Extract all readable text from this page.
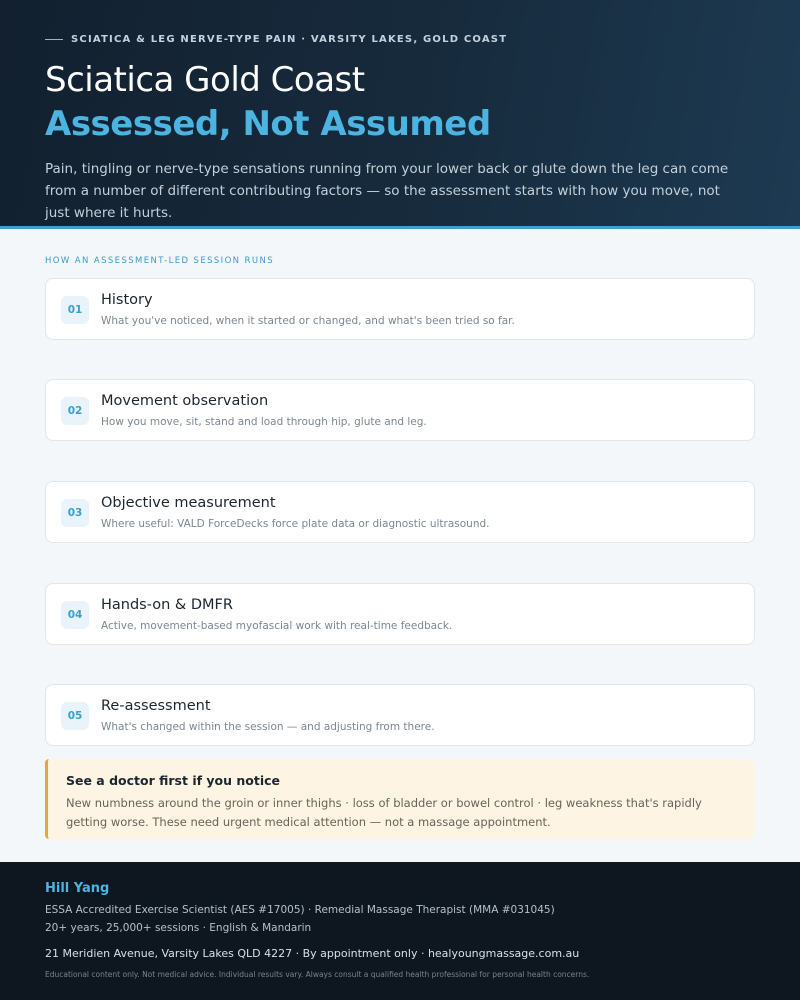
SCIATICA & LEG NERVE-TYPE PAIN · VARSITY LAKES, GOLD COAST
Sciatica Gold Coast
Assessed, Not Assumed
Pain, tingling or nerve-type sensations running from your lower back or glute down the leg can come from a number of different contributing factors — so the assessment starts with how you move, not just where it hurts.
HOW AN ASSESSMENT-LED SESSION RUNS
01
History
What you've noticed, when it started or changed, and what's been tried so far.
02
Movement observation
How you move, sit, stand and load through hip, glute and leg.
03
Objective measurement
Where useful: VALD ForceDecks force plate data or diagnostic ultrasound.
04
Hands-on & DMFR
Active, movement-based myofascial work with real-time feedback.
05
Re-assessment
What's changed within the session — and adjusting from there.
See a doctor first if you notice
New numbness around the groin or inner thighs · loss of bladder or bowel control · leg weakness that's rapidly getting worse. These need urgent medical attention — not a massage appointment.
Hill Yang
ESSA Accredited Exercise Scientist (AES #17005) · Remedial Massage Therapist (MMA #031045)
20+ years, 25,000+ sessions · English & Mandarin
21 Meridien Avenue, Varsity Lakes QLD 4227 · By appointment only · healyoungmassage.com.au
Educational content only. Not medical advice. Individual results vary. Always consult a qualified health professional for personal health concerns.
